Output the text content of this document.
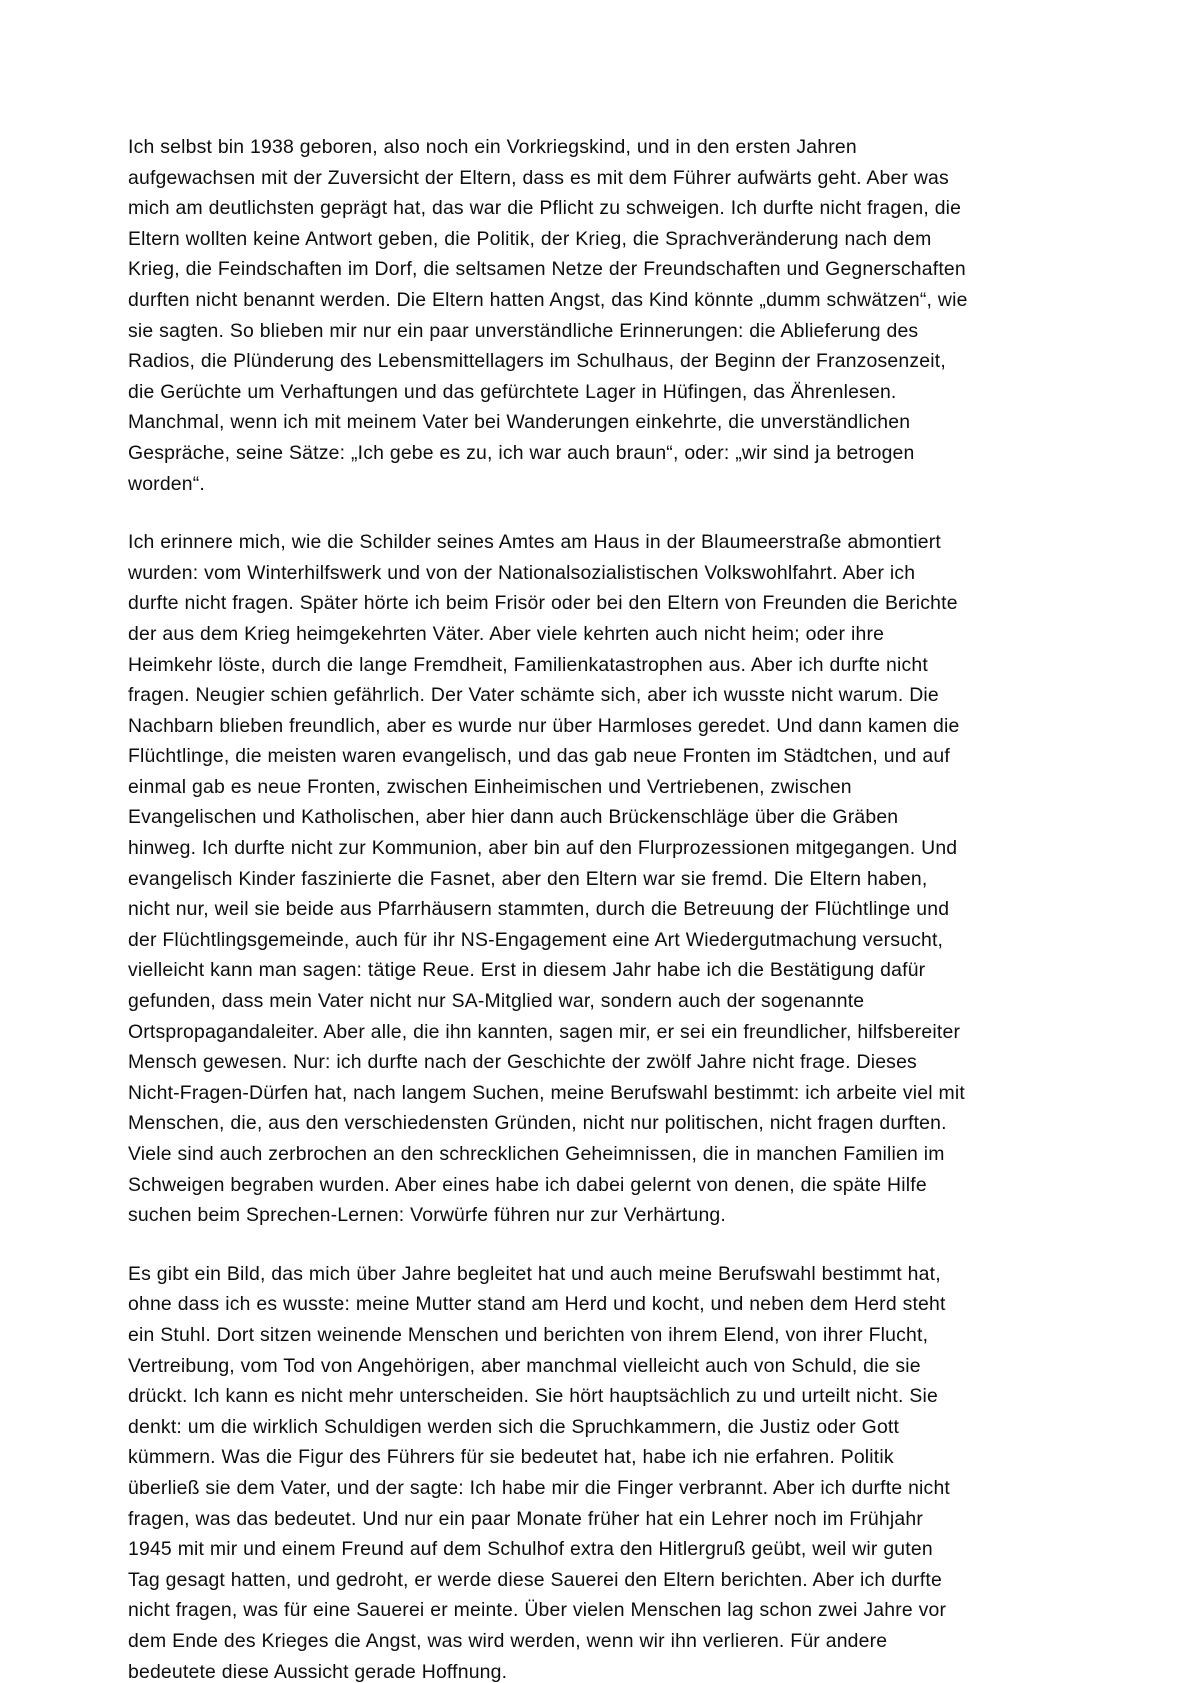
Ich selbst bin 1938 geboren, also noch ein Vorkriegskind, und in den ersten Jahren aufgewachsen mit der Zuversicht der Eltern, dass es mit dem Führer aufwärts geht. Aber was mich am deutlichsten geprägt hat, das war die Pflicht zu schweigen. Ich durfte nicht fragen, die Eltern wollten keine Antwort geben, die Politik, der Krieg, die Sprachveränderung nach dem Krieg, die Feindschaften im Dorf, die seltsamen Netze der Freundschaften und Gegnerschaften durften nicht benannt werden. Die Eltern hatten Angst, das Kind könnte „dumm schwätzen“, wie sie sagten. So blieben mir nur ein paar unverständliche Erinnerungen: die Ablieferung des Radios, die Plünderung des Lebensmittellagers im Schulhaus, der Beginn der Franzosenzeit, die Gerüchte um Verhaftungen und das gefürchtete Lager in Hüfingen, das Ährenlesen. Manchmal, wenn ich mit meinem Vater bei Wanderungen einkehrte, die unverständlichen Gespräche, seine Sätze: „Ich gebe es zu, ich war auch braun“, oder: „wir sind ja betrogen worden“.

Ich erinnere mich, wie die Schilder seines Amtes am Haus in der Blaumeerstraße abmontiert wurden: vom Winterhilfswerk und von der Nationalsozialistischen Volkswohlfahrt. Aber ich durfte nicht fragen. Später hörte ich beim Frisör oder bei den Eltern von Freunden die Berichte der aus dem Krieg heimgekehrten Väter. Aber viele kehrten auch nicht heim; oder ihre Heimkehr löste, durch die lange Fremdheit, Familienkatastrophen aus. Aber ich durfte nicht fragen. Neugier schien gefährlich. Der Vater schämte sich, aber ich wusste nicht warum. Die Nachbarn blieben freundlich, aber es wurde nur über Harmloses geredet. Und dann kamen die Flüchtlinge, die meisten waren evangelisch, und das gab neue Fronten im Städtchen, und auf einmal gab es neue Fronten, zwischen Einheimischen und Vertriebenen, zwischen Evangelischen und Katholischen, aber hier dann auch Brückenschläge über die Gräben hinweg. Ich durfte nicht zur Kommunion, aber bin auf den Flurprozessionen mitgegangen. Und evangelisch Kinder faszinierte die Fasnet, aber den Eltern war sie fremd. Die Eltern haben, nicht nur, weil sie beide aus Pfarrhäusern stammten, durch die Betreuung der Flüchtlinge und der Flüchtlingsgemeinde, auch für ihr NS-Engagement eine Art Wiedergutmachung versucht, vielleicht kann man sagen: tätige Reue. Erst in diesem Jahr habe ich die Bestätigung dafür gefunden, dass mein Vater nicht nur SA-Mitglied war, sondern auch der sogenannte Ortspropagandaleiter. Aber alle, die ihn kannten, sagen mir, er sei ein freundlicher, hilfsbereiter Mensch gewesen. Nur: ich durfte nach der Geschichte der zwölf Jahre nicht frage. Dieses Nicht-Fragen-Dürfen hat, nach langem Suchen, meine Berufswahl bestimmt: ich arbeite viel mit Menschen, die, aus den verschiedensten Gründen, nicht nur politischen, nicht fragen durften. Viele sind auch zerbrochen an den schrecklichen Geheimnissen, die in manchen Familien im Schweigen begraben wurden. Aber eines habe ich dabei gelernt von denen, die späte Hilfe suchen beim Sprechen-Lernen: Vorwürfe führen nur zur Verhärtung.

Es gibt ein Bild, das mich über Jahre begleitet hat und auch meine Berufswahl bestimmt hat, ohne dass ich es wusste: meine Mutter stand am Herd und kocht, und neben dem Herd steht ein Stuhl. Dort sitzen weinende Menschen und berichten von ihrem Elend, von ihrer Flucht, Vertreibung, vom Tod von Angehörigen, aber manchmal vielleicht auch von Schuld, die sie drückt. Ich kann es nicht mehr unterscheiden. Sie hört hauptsächlich zu und urteilt nicht. Sie denkt: um die wirklich Schuldigen werden sich die Spruchkammern, die Justiz oder Gott kümmern. Was die Figur des Führers für sie bedeutet hat, habe ich nie erfahren. Politik überließ sie dem Vater, und der sagte: Ich habe mir die Finger verbrannt. Aber ich durfte nicht fragen, was das bedeutet. Und nur ein paar Monate früher hat ein Lehrer noch im Frühjahr 1945 mit mir und einem Freund auf dem Schulhof extra den Hitlergruß geübt, weil wir guten Tag gesagt hatten, und gedroht, er werde diese Sauerei den Eltern berichten. Aber ich durfte nicht fragen, was für eine Sauerei er meinte. Über vielen Menschen lag schon zwei Jahre vor dem Ende des Krieges die Angst, was wird werden, wenn wir ihn verlieren. Für andere bedeutete diese Aussicht gerade Hoffnung.
